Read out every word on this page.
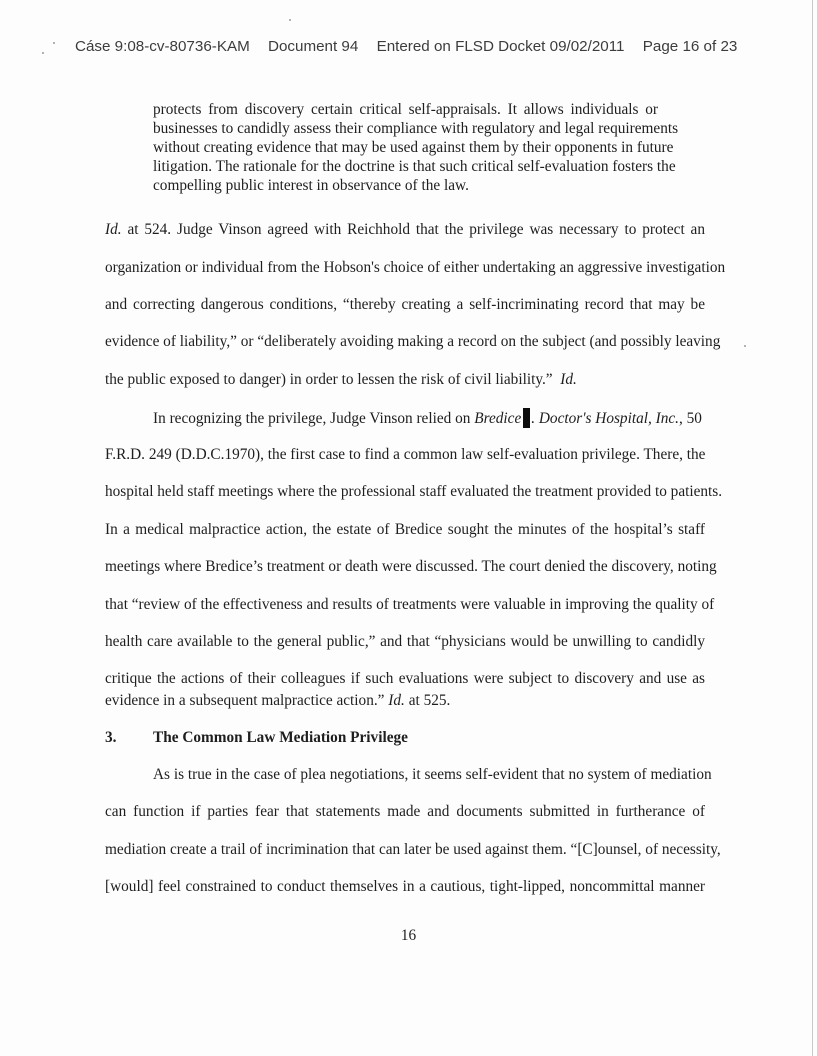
Cáse 9:08-cv-80736-KAM Document 94 Entered on FLSD Docket 09/02/2011 Page 16 of 23
protects from discovery certain critical self-appraisals. It allows individuals or
businesses to candidly assess their compliance with regulatory and legal requirements
without creating evidence that may be used against them by their opponents in future
litigation. The rationale for the doctrine is that such critical self-evaluation fosters the
compelling public interest in observance of the law.
Id. at 524. Judge Vinson agreed with Reichhold that the privilege was necessary to protect an
organization or individual from the Hobson's choice of either undertaking an aggressive investigation
and correcting dangerous conditions, “thereby creating a self-incriminating record that may be
evidence of liability,” or “deliberately avoiding making a record on the subject (and possibly leaving
the public exposed to danger) in order to lessen the risk of civil liability.” Id.
In recognizing the privilege, Judge Vinson relied on Bredice . Doctor's Hospital, Inc., 50
F.R.D. 249 (D.D.C.1970), the first case to find a common law self-evaluation privilege. There, the
hospital held staff meetings where the professional staff evaluated the treatment provided to patients.
In a medical malpractice action, the estate of Bredice sought the minutes of the hospital’s staff
meetings where Bredice’s treatment or death were discussed. The court denied the discovery, noting
that “review of the effectiveness and results of treatments were valuable in improving the quality of
health care available to the general public,” and that “physicians would be unwilling to candidly
critique the actions of their colleagues if such evaluations were subject to discovery and use as
evidence in a subsequent malpractice action.” Id. at 525.
3. The Common Law Mediation Privilege
As is true in the case of plea negotiations, it seems self-evident that no system of mediation
can function if parties fear that statements made and documents submitted in furtherance of
mediation create a trail of incrimination that can later be used against them. “[C]ounsel, of necessity,
[would] feel constrained to conduct themselves in a cautious, tight-lipped, noncommittal manner
16
